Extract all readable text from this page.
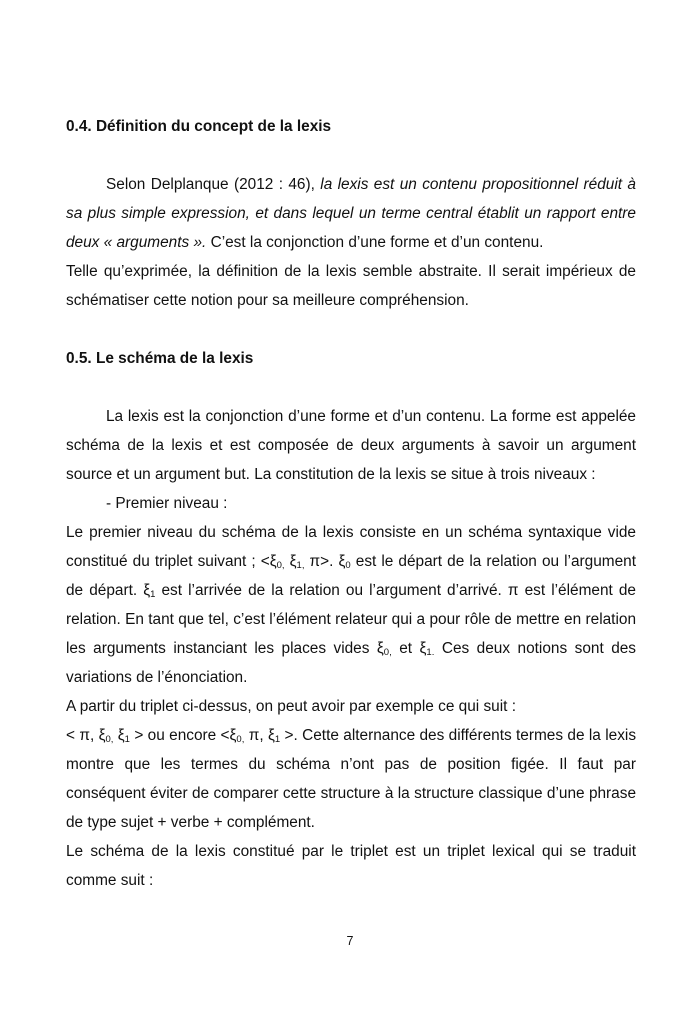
0.4. Définition du concept de la lexis

Selon Delplanque (2012 : 46), la lexis est un contenu propositionnel réduit à sa plus simple expression, et dans lequel un terme central établit un rapport entre deux « arguments ». C’est la conjonction d’une forme et d’un contenu.

Telle qu’exprimée, la définition de la lexis semble abstraite. Il serait impérieux de schématiser cette notion pour sa meilleure compréhension.

0.5. Le schéma de la lexis

La lexis est la conjonction d’une forme et d’un contenu. La forme est appelée schéma de la lexis et est composée de deux arguments à savoir un argument source et un argument but. La constitution de la lexis se situe à trois niveaux :

- Premier niveau :

Le premier niveau du schéma de la lexis consiste en un schéma syntaxique vide constitué du triplet suivant ; $<\xi_{0,}$ $\xi_{1,}$ π>. $\xi_0$ est le départ de la relation ou l’argument de départ. $\xi_1$ est l’arrivée de la relation ou l’argument d’arrivé. π est l’élément de relation. En tant que tel, c’est l’élément relateur qui a pour rôle de mettre en relation les arguments instanciant les places vides $\xi_{0,}$ et $\xi_{1.}$ Ces deux notions sont des variations de l’énonciation.

A partir du triplet ci-dessus, on peut avoir par exemple ce qui suit :

< π, $\xi_{0,}$ $\xi_1$ > ou encore $<\xi_{0,}$ π, $\xi_1$ >. Cette alternance des différents termes de la lexis montre que les termes du schéma n’ont pas de position figée. Il faut par conséquent éviter de comparer cette structure à la structure classique d’une phrase de type sujet + verbe + complément.

Le schéma de la lexis constitué par le triplet est un triplet lexical qui se traduit comme suit :

7
